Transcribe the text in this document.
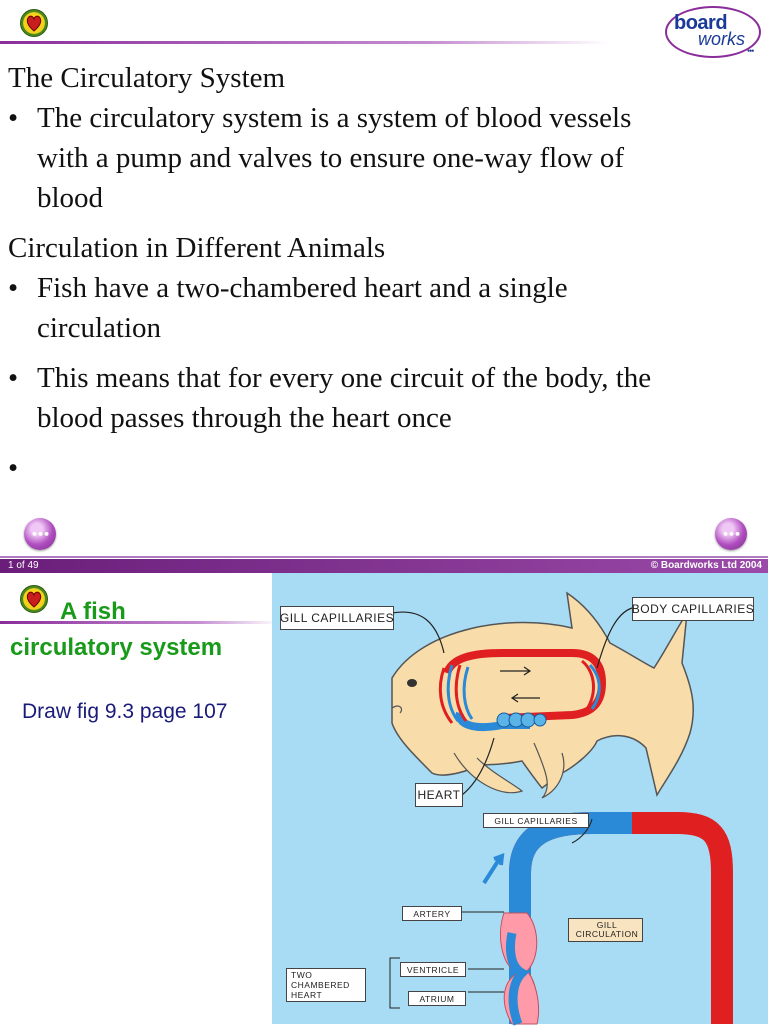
board
works
•••

The Circulatory System

• The circulatory system is a system of blood vessels with a pump and valves to ensure one-way flow of blood

Circulation in Different Animals

• Fish have a two-chambered heart and a single circulation

• This means that for every one circuit of the body, the blood passes through the heart once

•

•••	•••
1 of 49	© Boardworks Ltd 2004
A fish
circulatory system
Draw fig 9.3 page 107
GILL CAPILLARIES
BODY CAPILLARIES
HEART
GILL CAPILLARIES
ARTERY
GILL CIRCULATION
VENTRICLE
ATRIUM
TWO CHAMBERED HEART
